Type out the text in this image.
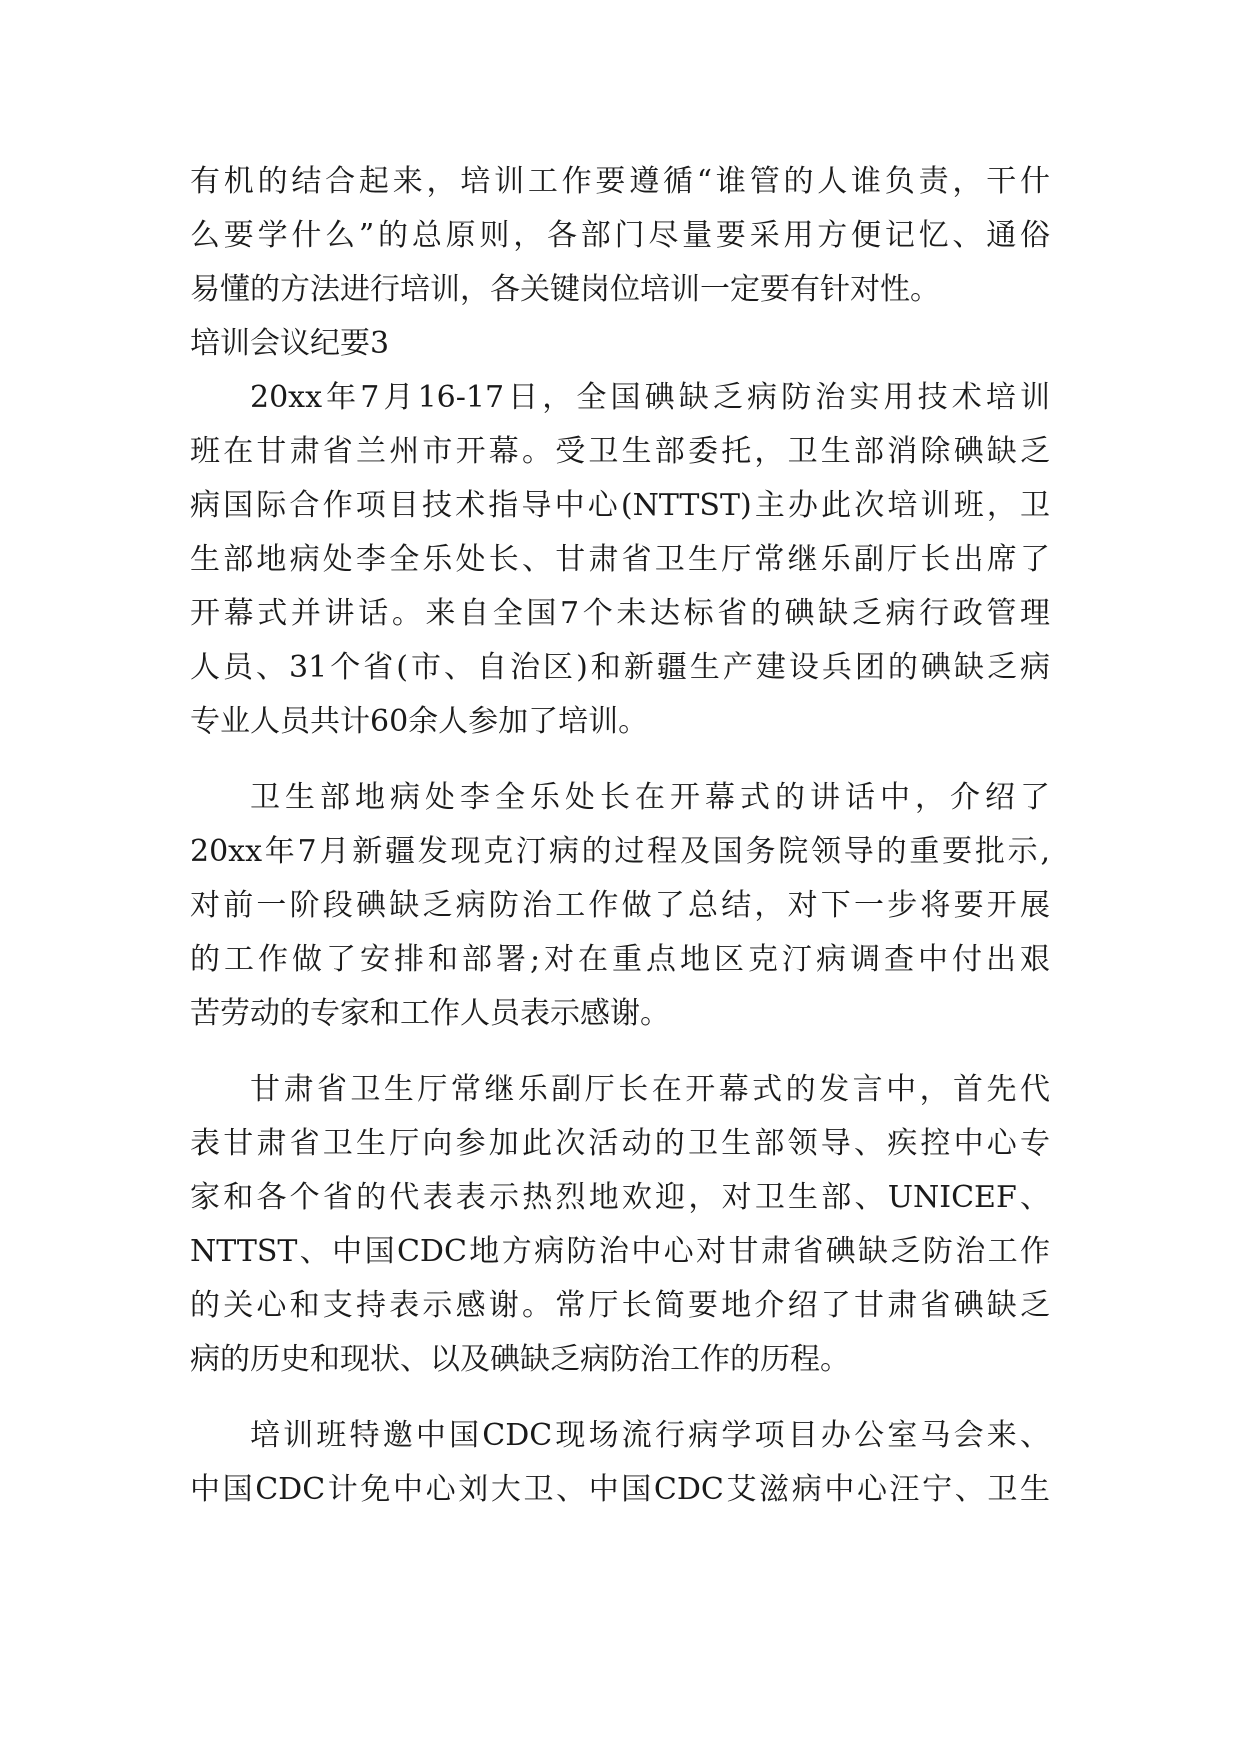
有机的结合起来，培训工作要遵循“谁管的人谁负责，干什
么要学什么”的总原则，各部门尽量要采用方便记忆、通俗
易懂的方法进行培训，各关键岗位培训一定要有针对性。
培训会议纪要3
20xx年7月16-17日，全国碘缺乏病防治实用技术培训
班在甘肃省兰州市开幕。受卫生部委托，卫生部消除碘缺乏
病国际合作项目技术指导中心(NTTST)主办此次培训班，卫
生部地病处李全乐处长、甘肃省卫生厅常继乐副厅长出席了
开幕式并讲话。来自全国7个未达标省的碘缺乏病行政管理
人员、31个省(市、自治区)和新疆生产建设兵团的碘缺乏病
专业人员共计60余人参加了培训。
卫生部地病处李全乐处长在开幕式的讲话中，介绍了
20xx年7月新疆发现克汀病的过程及国务院领导的重要批示,
对前一阶段碘缺乏病防治工作做了总结，对下一步将要开展
的工作做了安排和部署;对在重点地区克汀病调查中付出艰
苦劳动的专家和工作人员表示感谢。
甘肃省卫生厅常继乐副厅长在开幕式的发言中，首先代
表甘肃省卫生厅向参加此次活动的卫生部领导、疾控中心专
家和各个省的代表表示热烈地欢迎，对卫生部、UNICEF、
NTTST、中国CDC地方病防治中心对甘肃省碘缺乏防治工作
的关心和支持表示感谢。常厅长简要地介绍了甘肃省碘缺乏
病的历史和现状、以及碘缺乏病防治工作的历程。
培训班特邀中国CDC现场流行病学项目办公室马会来、
中国CDC计免中心刘大卫、中国CDC艾滋病中心汪宁、卫生
